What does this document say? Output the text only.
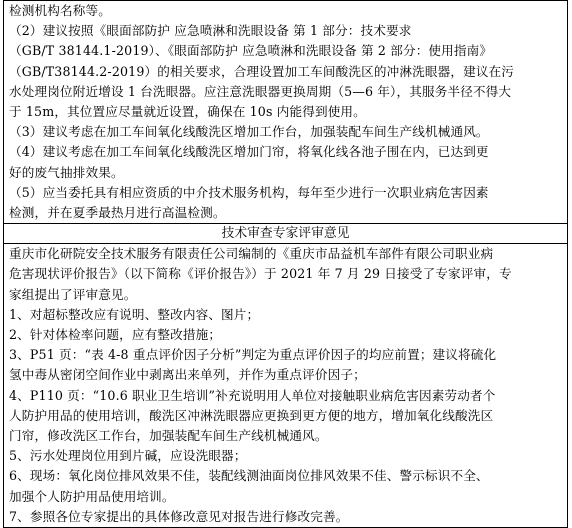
检测机构名称等。
（2）建议按照《眼面部防护 应急喷淋和洗眼设备 第 1 部分：技术要求
（GB/T 38144.1-2019）、《眼面部防护 应急喷淋和洗眼设备 第 2 部分：使用指南》
（GB/T38144.2-2019）的相关要求，合理设置加工车间酸洗区的冲淋洗眼器，建议在污
水处理岗位附近增设 1 台洗眼器。应注意洗眼器更换周期（5—6 年），其服务半径不得大
于 15m，其位置应尽量就近设置，确保在 10s 内能得到使用。
（3）建议考虑在加工车间氧化线酸洗区增加工作台，加强装配车间生产线机械通风。
（4）建议考虑在加工车间氧化线酸洗区增加门帘，将氧化线各池子围在内，已达到更
好的废气抽排效果。
（5）应当委托具有相应资质的中介技术服务机构，每年至少进行一次职业病危害因素
检测，并在夏季最热月进行高温检测。

技术审查专家评审意见

重庆市化研院安全技术服务有限责任公司编制的《重庆市品益机车部件有限公司职业病
危害现状评价报告》（以下简称《评价报告》）于 2021 年 7 月 29 日接受了专家评审，专
家组提出了评审意见。
1、对超标整改应有说明、整改内容、图片；
2、针对体检率问题，应有整改措施；
3、P51 页：“表 4-8 重点评价因子分析”判定为重点评价因子的均应前置；建议将硫化
氢中毒从密闭空间作业中剥离出来单列，并作为重点评价因子；
4、P110 页：“10.6 职业卫生培训”补充说明用人单位对接触职业病危害因素劳动者个
人防护用品的使用培训，酸洗区冲淋洗眼器应更换到更方便的地方，增加氧化线酸洗区
门帘，修改洗区工作台，加强装配车间生产线机械通风。
5、污水处理岗位用到片碱，应设洗眼器；
6、现场：氧化岗位排风效果不佳，装配线测油面岗位排风效果不佳、警示标识不全、
加强个人防护用品使用培训。
7、参照各位专家提出的具体修改意见对报告进行修改完善。
